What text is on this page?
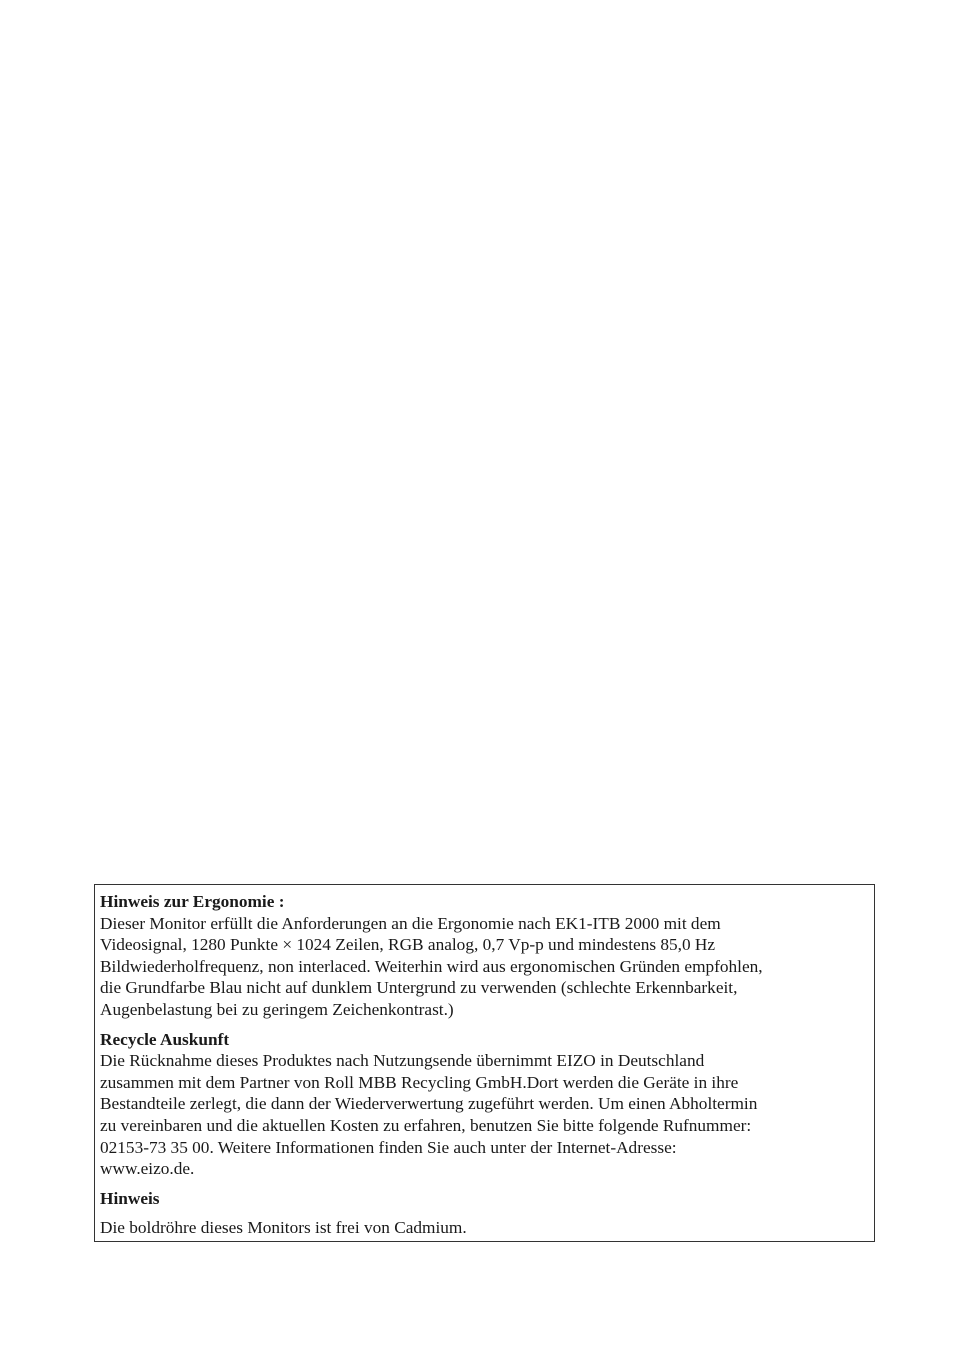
Hinweis zur Ergonomie :

Dieser Monitor erfüllt die Anforderungen an die Ergonomie nach EK1-ITB 2000 mit dem

Videosignal, 1280 Punkte × 1024 Zeilen, RGB analog, 0,7 Vp-p und mindestens 85,0 Hz

Bildwiederholfrequenz, non interlaced. Weiterhin wird aus ergonomischen Gründen empfohlen,

die Grundfarbe Blau nicht auf dunklem Untergrund zu verwenden (schlechte Erkennbarkeit,

Augenbelastung bei zu geringem Zeichenkontrast.)

Recycle Auskunft

Die Rücknahme dieses Produktes nach Nutzungsende übernimmt EIZO in Deutschland

zusammen mit dem Partner von Roll MBB Recycling GmbH.Dort werden die Geräte in ihre

Bestandteile zerlegt, die dann der Wiederverwertung zugeführt werden. Um einen Abholtermin

zu vereinbaren und die aktuellen Kosten zu erfahren, benutzen Sie bitte folgende Rufnummer:

02153-73 35 00. Weitere Informationen finden Sie auch unter der Internet-Adresse:

www.eizo.de.

Hinweis

Die boldröhre dieses Monitors ist frei von Cadmium.
